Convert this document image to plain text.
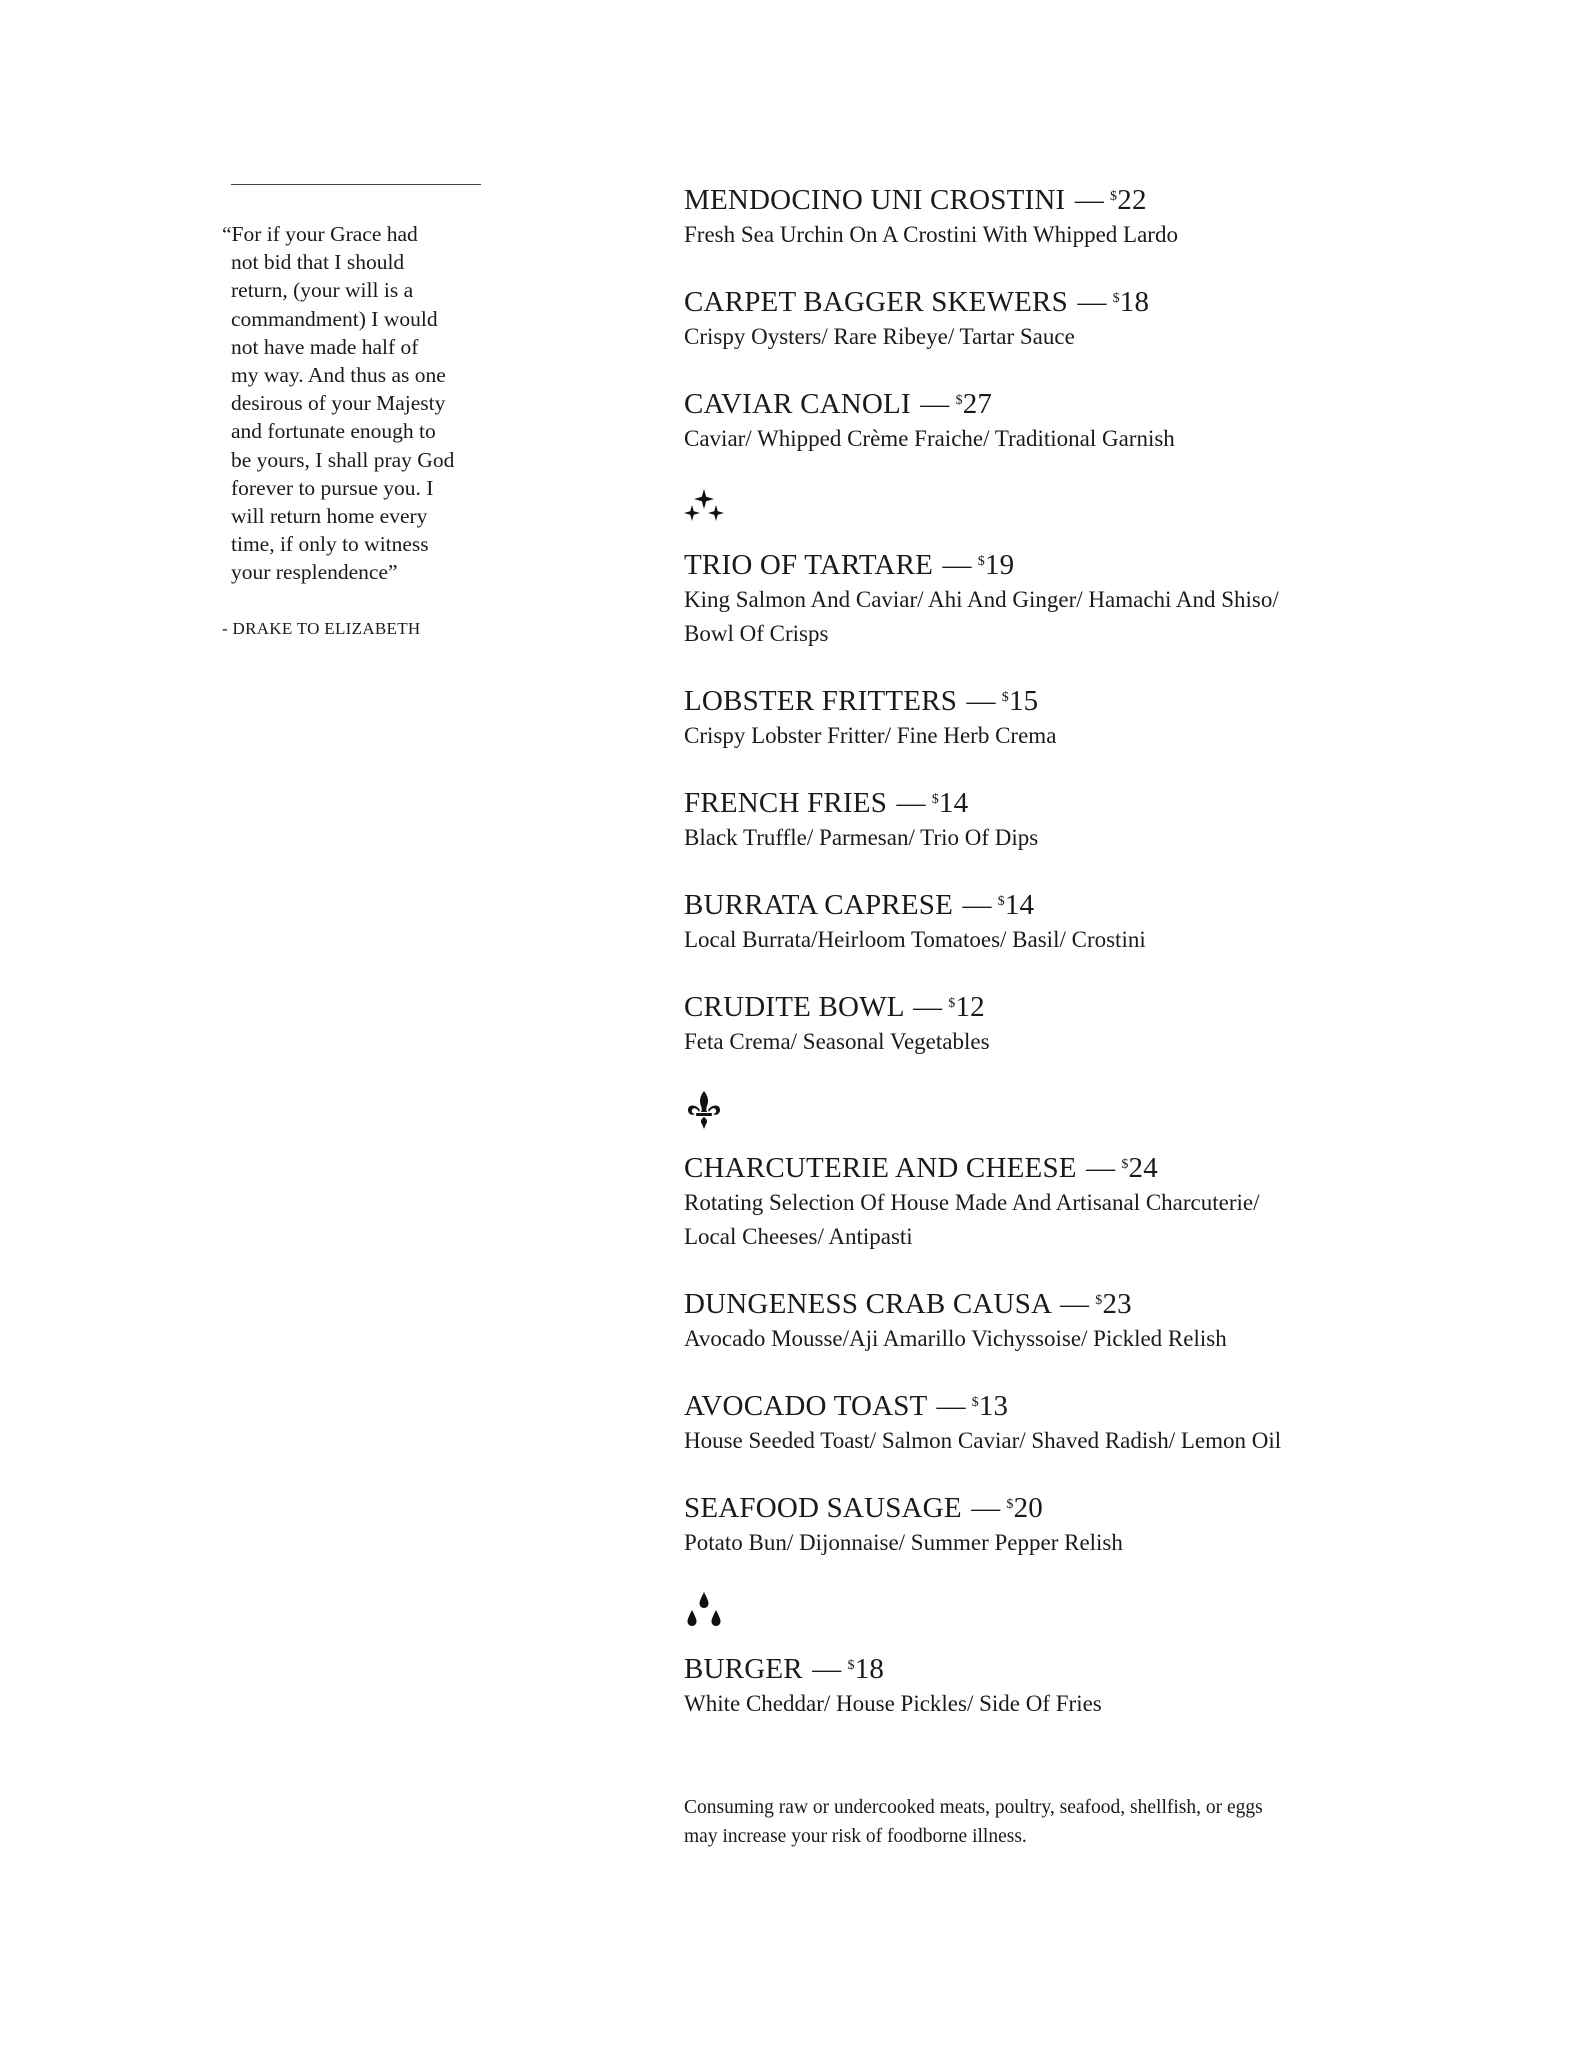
“For if your Grace had
not bid that I should
return, (your will is a
commandment) I would
not have made half of
my way. And thus as one
desirous of your Majesty
and fortunate enough to
be yours, I shall pray God
forever to pursue you. I
will return home every
time, if only to witness
your resplendence”
- DRAKE TO ELIZABETH
MENDOCINO UNI CROSTINI — $22
Fresh Sea Urchin On A Crostini With Whipped Lardo
CARPET BAGGER SKEWERS — $18
Crispy Oysters/ Rare Ribeye/ Tartar Sauce
CAVIAR CANOLI — $27
Caviar/ Whipped Crème Fraiche/ Traditional Garnish
TRIO OF TARTARE — $19
King Salmon And Caviar/ Ahi And Ginger/ Hamachi And Shiso/
Bowl Of Crisps
LOBSTER FRITTERS — $15
Crispy Lobster Fritter/ Fine Herb Crema
FRENCH FRIES — $14
Black Truffle/ Parmesan/ Trio Of Dips
BURRATA CAPRESE — $14
Local Burrata/Heirloom Tomatoes/ Basil/ Crostini
CRUDITE BOWL — $12
Feta Crema/ Seasonal Vegetables
CHARCUTERIE AND CHEESE — $24
Rotating Selection Of House Made And Artisanal Charcuterie/
Local Cheeses/ Antipasti
DUNGENESS CRAB CAUSA — $23
Avocado Mousse/Aji Amarillo Vichyssoise/ Pickled Relish
AVOCADO TOAST — $13
House Seeded Toast/ Salmon Caviar/ Shaved Radish/ Lemon Oil
SEAFOOD SAUSAGE — $20
Potato Bun/ Dijonnaise/ Summer Pepper Relish
BURGER — $18
White Cheddar/ House Pickles/ Side Of Fries
Consuming raw or undercooked meats, poultry, seafood, shellfish, or eggs
may increase your risk of foodborne illness.
